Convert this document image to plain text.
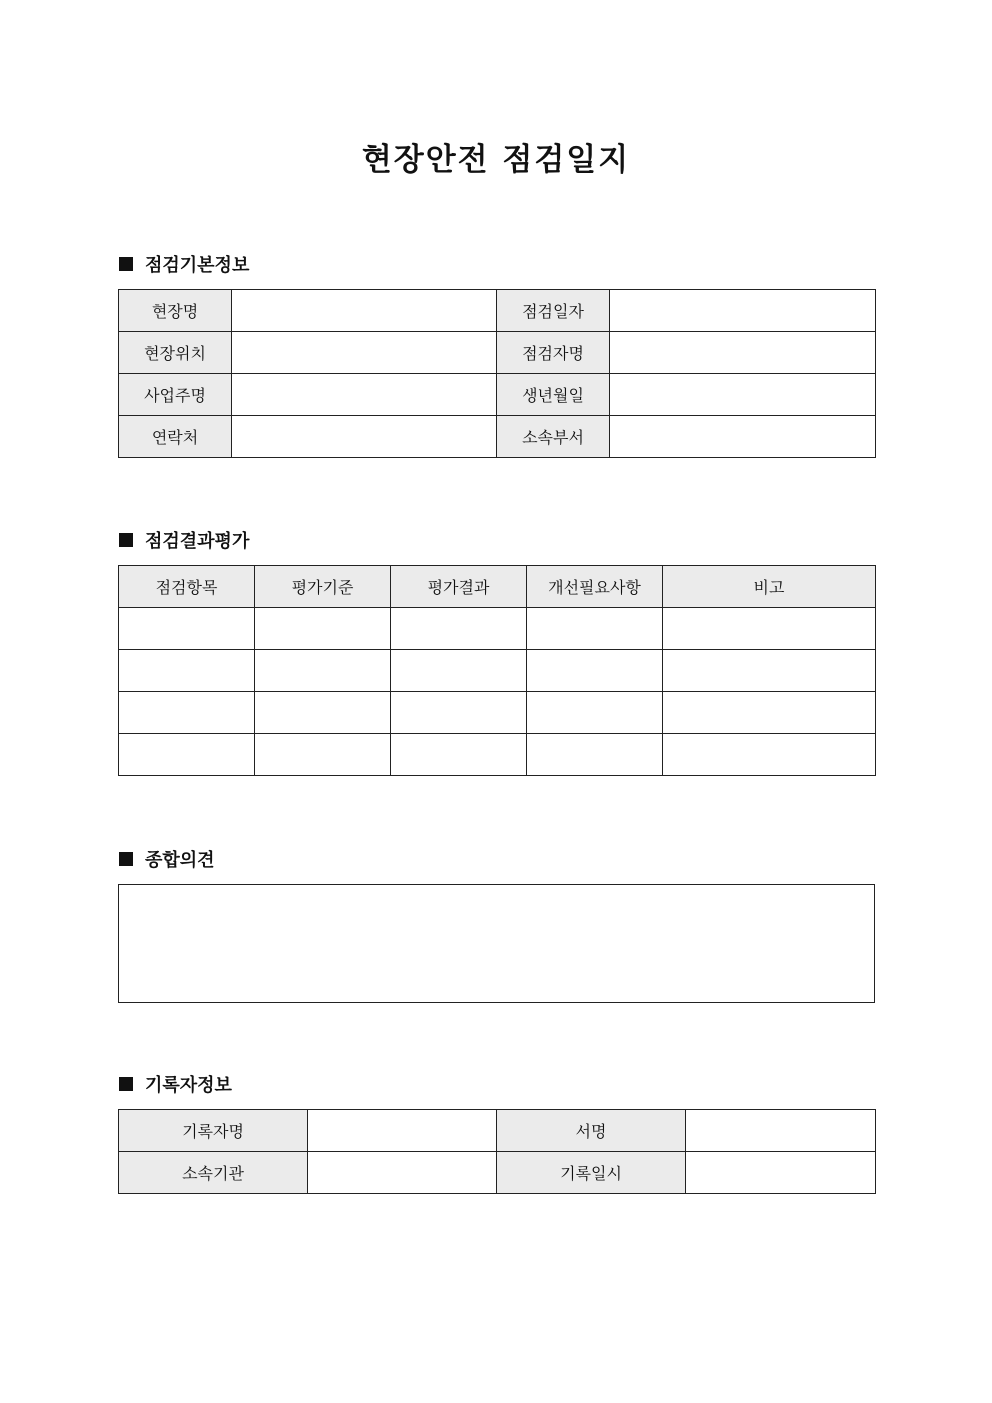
현장안전 점검일지
점검기본정보
현장명		점검일자	
현장위치		점검자명	
사업주명		생년월일	
연락처		소속부서	
점검결과평가
점검항목	평가기준	평가결과	개선필요사항	비고

종합의견
기록자정보
기록자명		서명	
소속기관		기록일시	
